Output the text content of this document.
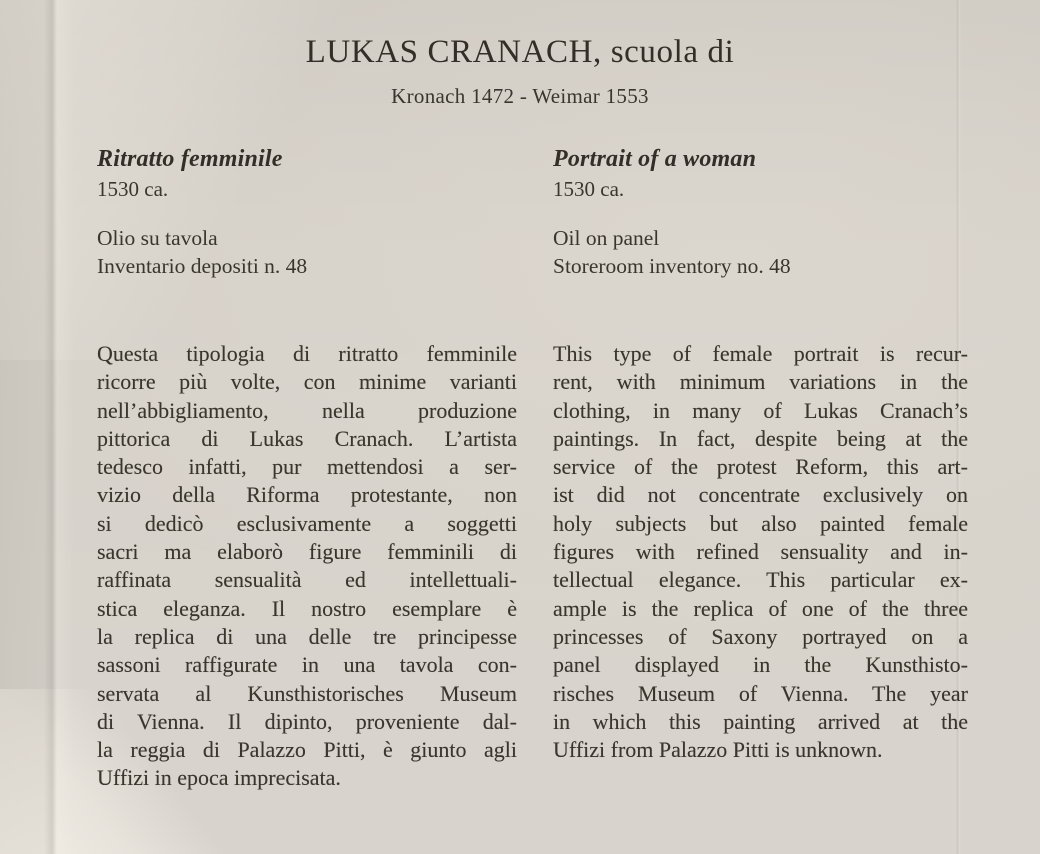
LUKAS CRANACH, scuola di
Kronach 1472 - Weimar 1553
Ritratto femminile
1530 ca.
Olio su tavola
Inventario depositi n. 48
Questa tipologia di ritratto femminile
ricorre più volte, con minime varianti
nell’abbigliamento, nella produzione
pittorica di Lukas Cranach. L’artista
tedesco infatti, pur mettendosi a ser-
vizio della Riforma protestante, non
si dedicò esclusivamente a soggetti
sacri ma elaborò figure femminili di
raffinata sensualità ed intellettuali-
stica eleganza. Il nostro esemplare è
la replica di una delle tre principesse
sassoni raffigurate in una tavola con-
servata al Kunsthistorisches Museum
di Vienna. Il dipinto, proveniente dal-
la reggia di Palazzo Pitti, è giunto agli
Uffizi in epoca imprecisata.
Portrait of a woman
1530 ca.
Oil on panel
Storeroom inventory no. 48
This type of female portrait is recur-
rent, with minimum variations in the
clothing, in many of Lukas Cranach’s
paintings. In fact, despite being at the
service of the protest Reform, this art-
ist did not concentrate exclusively on
holy subjects but also painted female
figures with refined sensuality and in-
tellectual elegance. This particular ex-
ample is the replica of one of the three
princesses of Saxony portrayed on a
panel displayed in the Kunsthisto-
risches Museum of Vienna. The year
in which this painting arrived at the
Uffizi from Palazzo Pitti is unknown.
